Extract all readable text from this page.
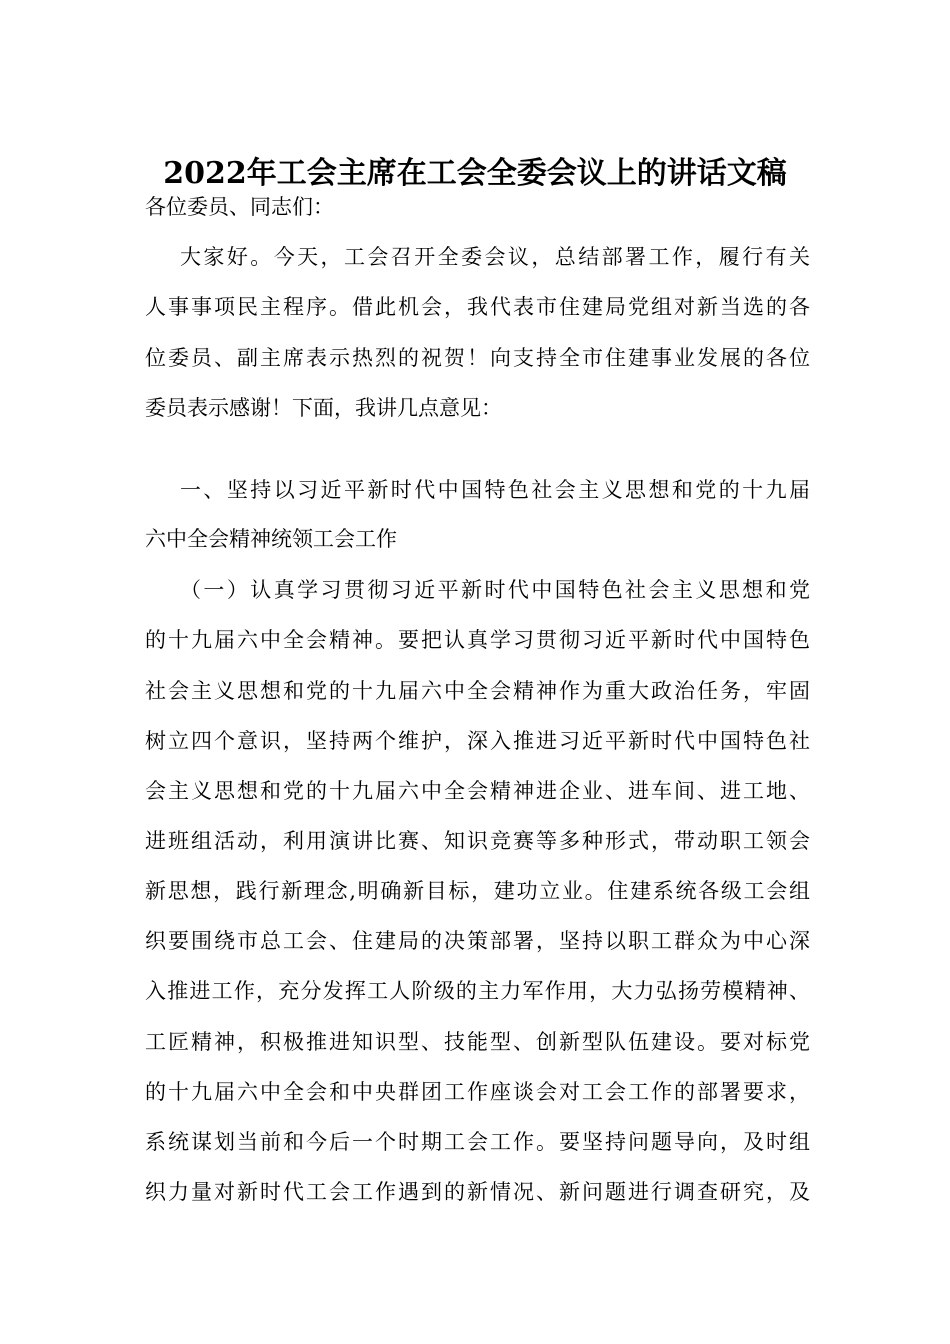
2022年工会主席在工会全委会议上的讲话文稿
各位委员、同志们：
大家好。今天，工会召开全委会议，总结部署工作，履行有关
人事事项民主程序。借此机会，我代表市住建局党组对新当选的各
位委员、副主席表示热烈的祝贺！向支持全市住建事业发展的各位
委员表示感谢！下面，我讲几点意见：
一、坚持以习近平新时代中国特色社会主义思想和党的十九届
六中全会精神统领工会工作
（一）认真学习贯彻习近平新时代中国特色社会主义思想和党
的十九届六中全会精神。要把认真学习贯彻习近平新时代中国特色
社会主义思想和党的十九届六中全会精神作为重大政治任务，牢固
树立四个意识，坚持两个维护，深入推进习近平新时代中国特色社
会主义思想和党的十九届六中全会精神进企业、进车间、进工地、
进班组活动，利用演讲比赛、知识竞赛等多种形式，带动职工领会
新思想，践行新理念,明确新目标，建功立业。住建系统各级工会组
织要围绕市总工会、住建局的决策部署，坚持以职工群众为中心深
入推进工作，充分发挥工人阶级的主力军作用，大力弘扬劳模精神、
工匠精神，积极推进知识型、技能型、创新型队伍建设。要对标党
的十九届六中全会和中央群团工作座谈会对工会工作的部署要求，
系统谋划当前和今后一个时期工会工作。要坚持问题导向，及时组
织力量对新时代工会工作遇到的新情况、新问题进行调查研究，及
